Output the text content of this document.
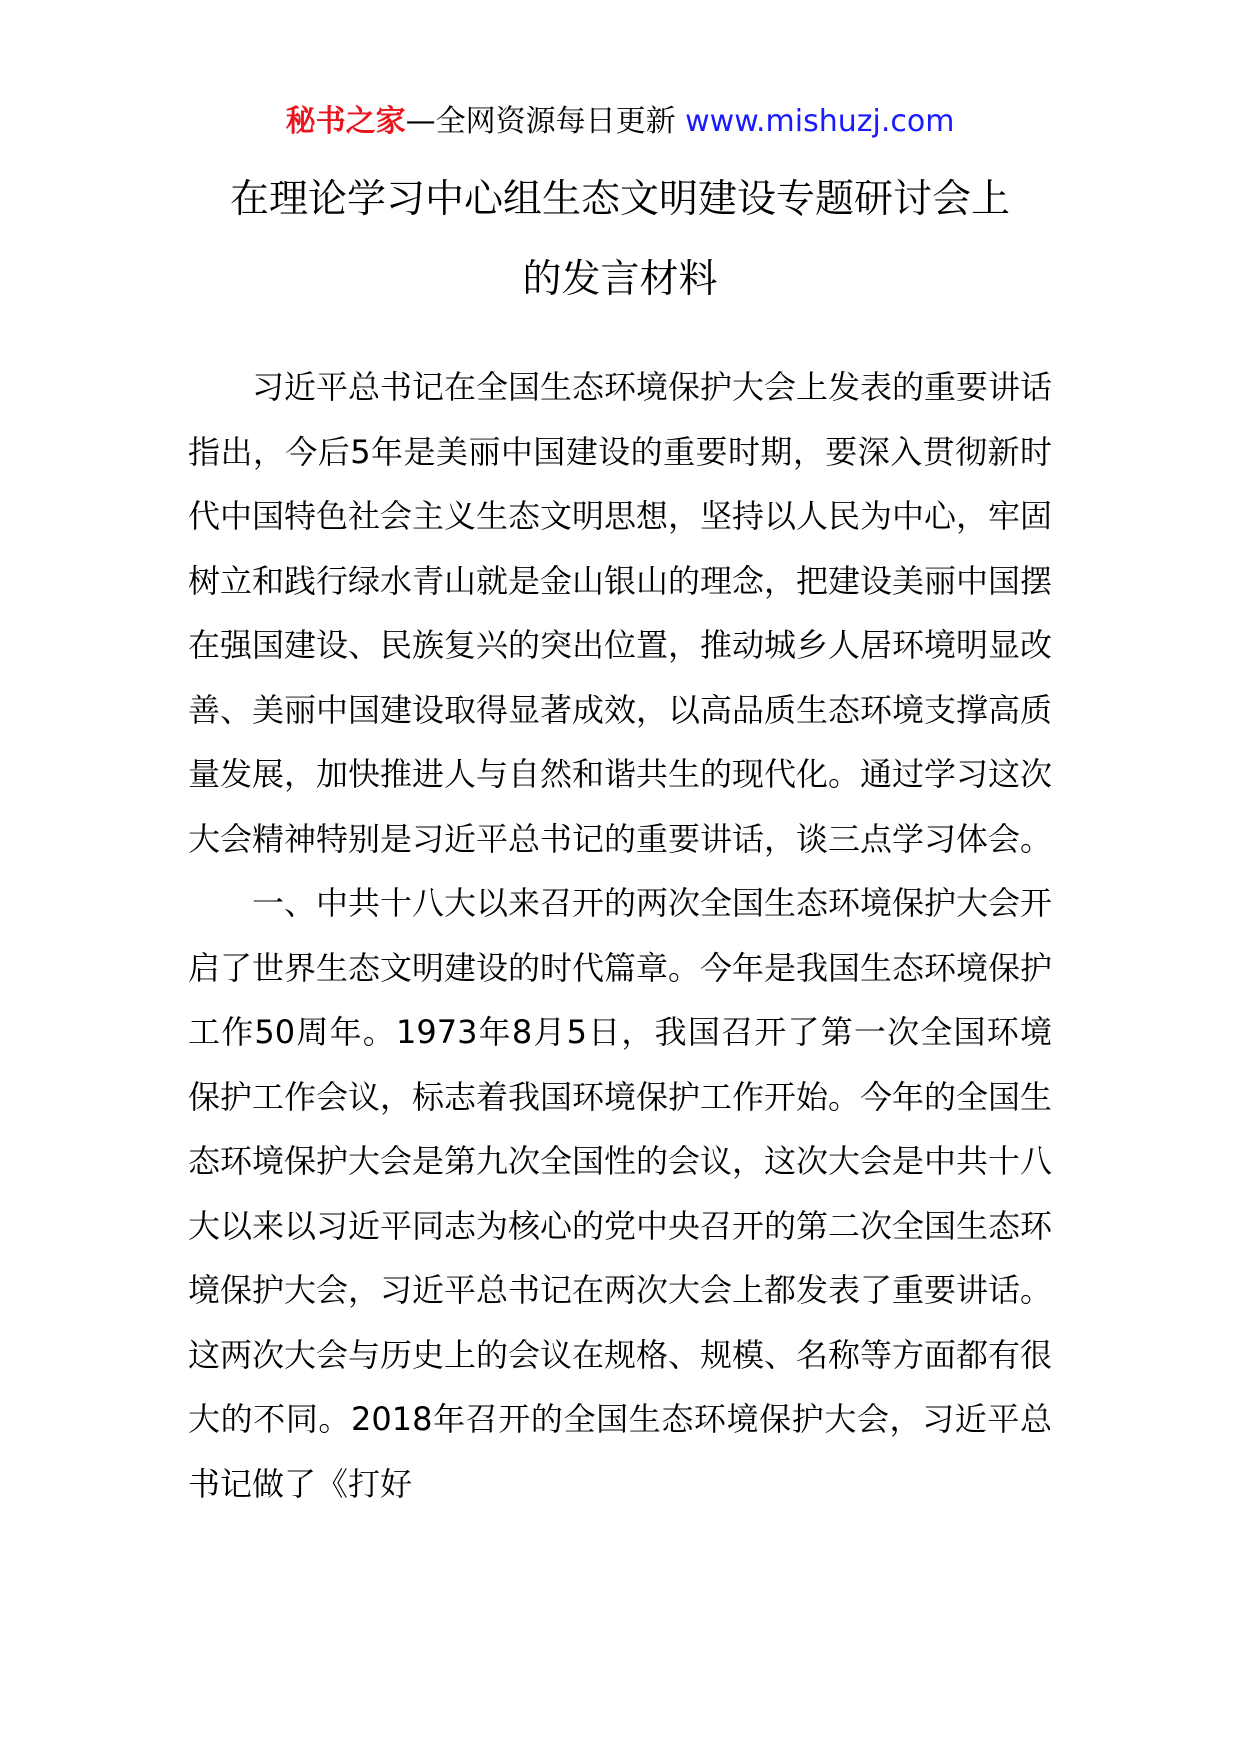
秘书之家—全网资源每日更新 www.mishuzj.com
在理论学习中心组生态文明建设专题研讨会上
的发言材料

习近平总书记在全国生态环境保护大会上发表的重要讲话指出，今后5年是美丽中国建设的重要时期，要深入贯彻新时代中国特色社会主义生态文明思想，坚持以人民为中心，牢固树立和践行绿水青山就是金山银山的理念，把建设美丽中国摆在强国建设、民族复兴的突出位置，推动城乡人居环境明显改善、美丽中国建设取得显著成效，以高品质生态环境支撑高质量发展，加快推进人与自然和谐共生的现代化。通过学习这次大会精神特别是习近平总书记的重要讲话，谈三点学习体会。

一、中共十八大以来召开的两次全国生态环境保护大会开启了世界生态文明建设的时代篇章。今年是我国生态环境保护工作50周年。1973年8月5日，我国召开了第一次全国环境保护工作会议，标志着我国环境保护工作开始。今年的全国生态环境保护大会是第九次全国性的会议，这次大会是中共十八大以来以习近平同志为核心的党中央召开的第二次全国生态环境保护大会，习近平总书记在两次大会上都发表了重要讲话。这两次大会与历史上的会议在规格、规模、名称等方面都有很大的不同。2018年召开的全国生态环境保护大会，习近平总书记做了《打好
